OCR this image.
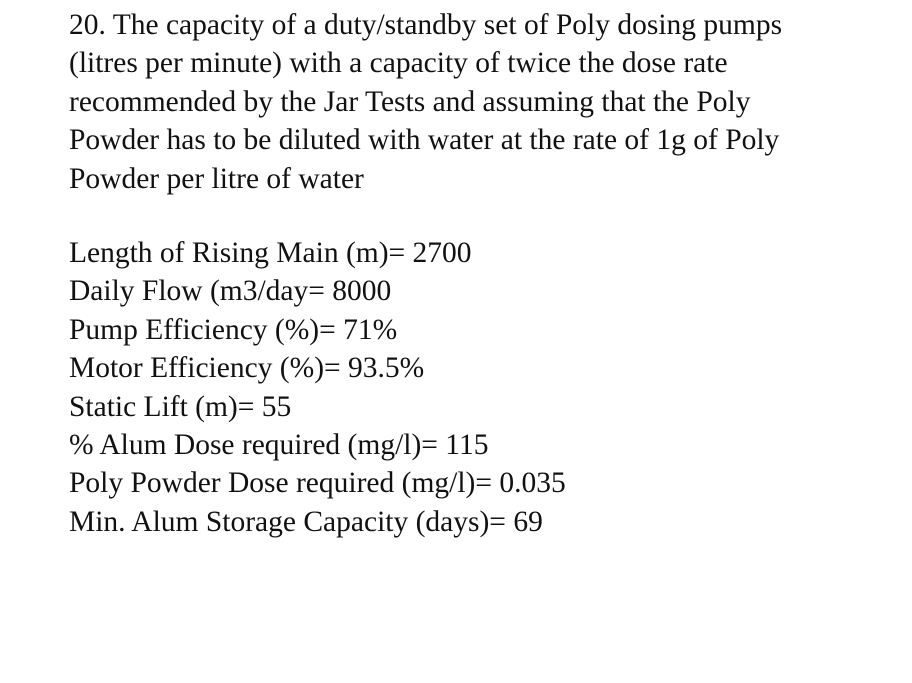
20. The capacity of a duty/standby set of Poly dosing pumps
(litres per minute) with a capacity of twice the dose rate
recommended by the Jar Tests and assuming that the Poly
Powder has to be diluted with water at the rate of 1g of Poly
Powder per litre of water

Length of Rising Main (m)= 2700
Daily Flow (m3/day= 8000
Pump Efficiency (%)= 71%
Motor Efficiency (%)= 93.5%
Static Lift (m)= 55
% Alum Dose required (mg/l)= 115
Poly Powder Dose required (mg/l)= 0.035
Min. Alum Storage Capacity (days)= 69
